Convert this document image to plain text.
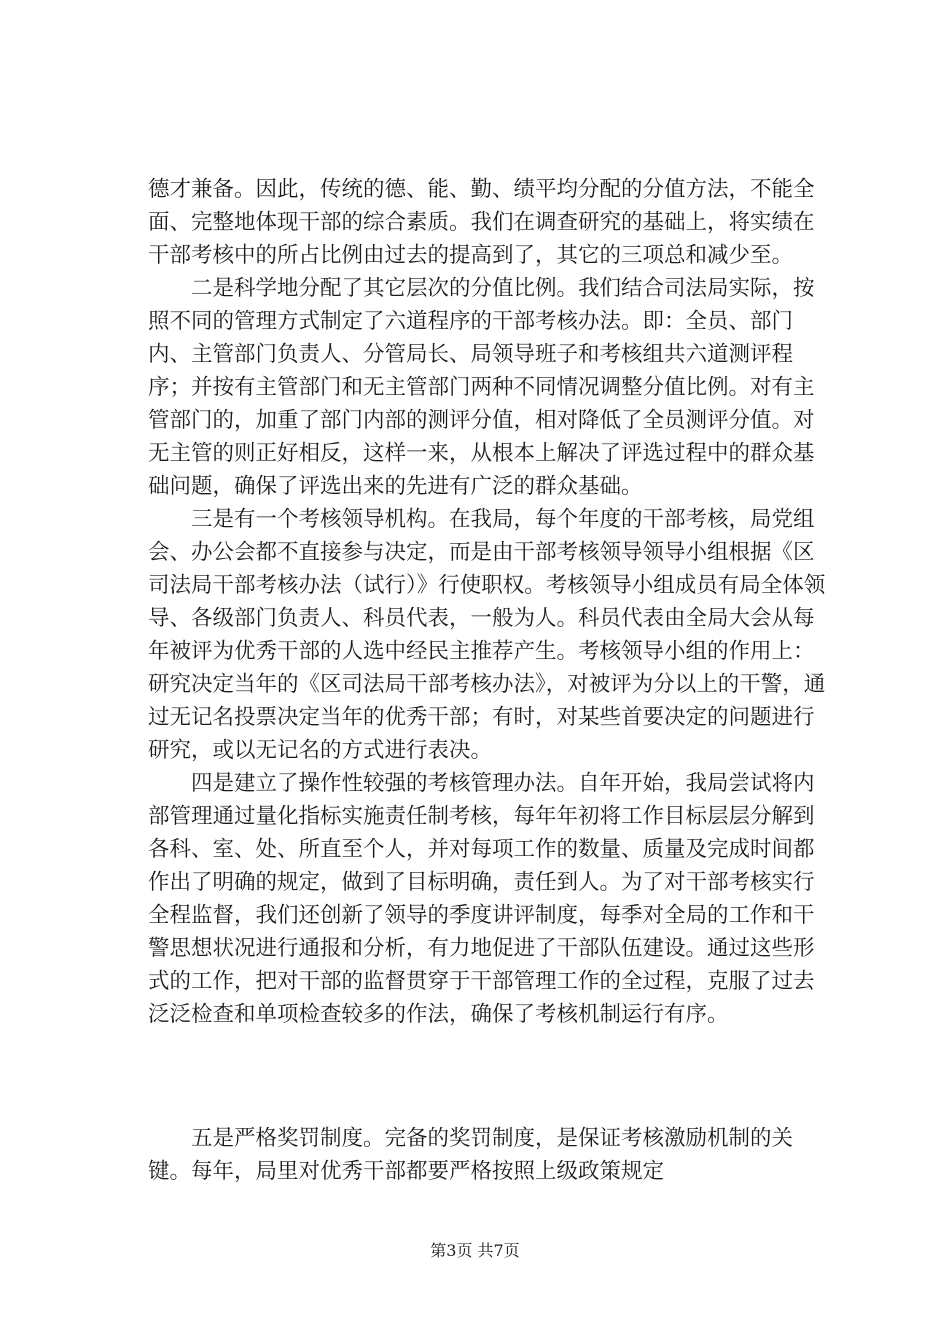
德才兼备。因此，传统的德、能、勤、绩平均分配的分值方法，不能全面、完整地体现干部的综合素质。我们在调查研究的基础上，将实绩在干部考核中的所占比例由过去的提高到了，其它的三项总和减少至。

二是科学地分配了其它层次的分值比例。我们结合司法局实际，按照不同的管理方式制定了六道程序的干部考核办法。即：全员、部门内、主管部门负责人、分管局长、局领导班子和考核组共六道测评程序；并按有主管部门和无主管部门两种不同情况调整分值比例。对有主管部门的，加重了部门内部的测评分值，相对降低了全员测评分值。对无主管的则正好相反，这样一来，从根本上解决了评选过程中的群众基础问题，确保了评选出来的先进有广泛的群众基础。

三是有一个考核领导机构。在我局，每个年度的干部考核，局党组会、办公会都不直接参与决定，而是由干部考核领导领导小组根据《区司法局干部考核办法（试行）》行使职权。考核领导小组成员有局全体领导、各级部门负责人、科员代表，一般为人。科员代表由全局大会从每年被评为优秀干部的人选中经民主推荐产生。考核领导小组的作用上：研究决定当年的《区司法局干部考核办法》，对被评为分以上的干警，通过无记名投票决定当年的优秀干部；有时，对某些首要决定的问题进行研究，或以无记名的方式进行表决。

四是建立了操作性较强的考核管理办法。自年开始，我局尝试将内部管理通过量化指标实施责任制考核，每年年初将工作目标层层分解到各科、室、处、所直至个人，并对每项工作的数量、质量及完成时间都作出了明确的规定，做到了目标明确，责任到人。为了对干部考核实行全程监督，我们还创新了领导的季度讲评制度，每季对全局的工作和干警思想状况进行通报和分析，有力地促进了干部队伍建设。通过这些形式的工作，把对干部的监督贯穿于干部管理工作的全过程，克服了过去泛泛检查和单项检查较多的作法，确保了考核机制运行有序。

五是严格奖罚制度。完备的奖罚制度，是保证考核激励机制的关键。每年，局里对优秀干部都要严格按照上级政策规定

第3页 共7页
